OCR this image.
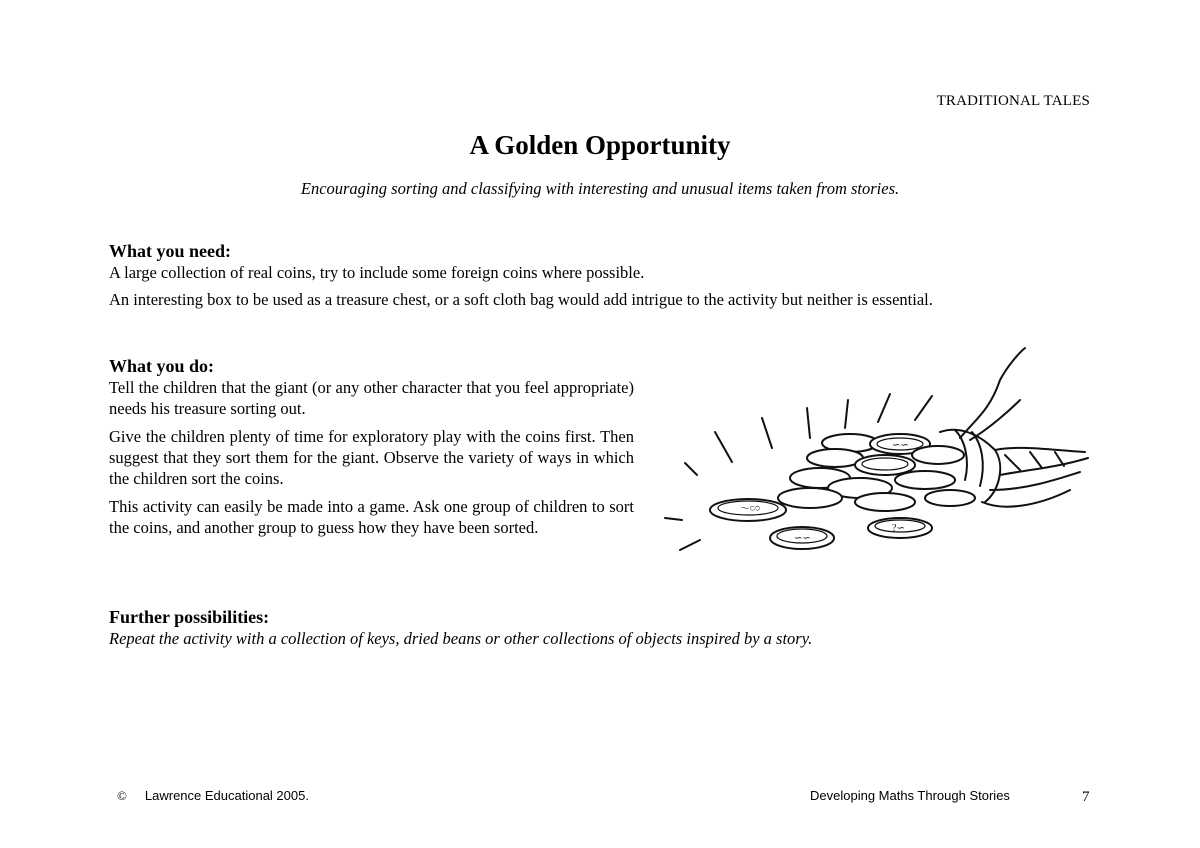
TRADITIONAL TALES
A Golden Opportunity
Encouraging sorting and classifying with interesting and unusual items taken from stories.

What you need:

A large collection of real coins, try to include some foreign coins where possible.

An interesting box to be used as a treasure chest, or a soft cloth bag would add intrigue to the activity but neither is essential.

What you do:

Tell the children that the giant (or any other character that you feel appropriate) needs his treasure sorting out.

Give the children plenty of time for exploratory play with the coins first. Then suggest that they sort them for the giant. Observe the variety of ways in which the children sort the coins.

This activity can easily be made into a game. Ask one group of children to sort the coins, and another group to guess how they have been sorted.

〜∽
?∽
∽∽
∽∽

Further possibilities:

Repeat the activity with a collection of keys, dried beans or other collections of objects inspired by a story.

© Lawrence Educational 2005.	Developing Maths Through Stories	7
